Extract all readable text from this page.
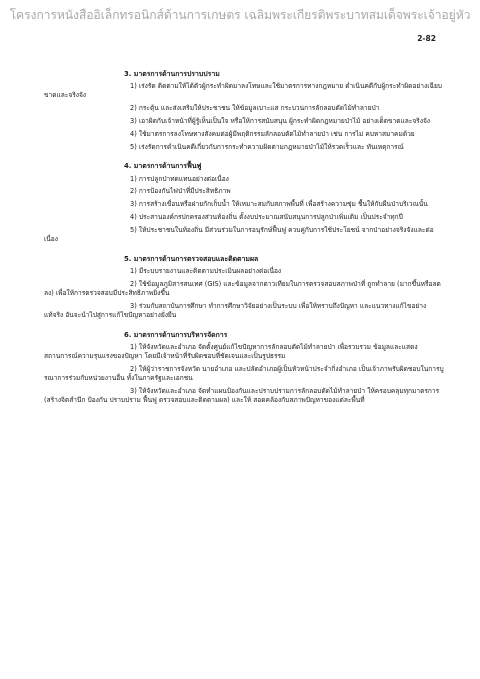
โครงการหนังสืออิเล็กทรอนิกส์ด้านการเกษตร เฉลิมพระเกียรติพระบาทสมเด็จพระเจ้าอยู่หัว
2-82
3. มาตรการด้านการปราบปราม
1) เร่งรัด ติดตามให้ได้ตัวผู้กระทำผิดมาลงโทษและใช้มาตรการทางกฎหมาย ดำเนินคดีกับผู้กระทำผิดอย่างเฉียบขาดและจริงจัง
2) กระตุ้น และส่งเสริมให้ประชาชน ให้ข้อมูลเบาะแส กระบวนการลักลอบตัดไม้ทำลายป่า
3) เอาผิดกับเจ้าหน้าที่ผู้รู้เห็นเป็นใจ หรือให้การสนับสนุน ผู้กระทำผิดกฎหมายป่าไม้ อย่างเด็ดขาดและจริงจัง
4) ใช้มาตรการลงโทษทางสังคมต่อผู้มีพฤติกรรมลักลอบตัดไม้ทำลายป่า เช่น การไม่ คบหาสมาคมด้วย
5) เร่งรัดการดำเนินคดีเกี่ยวกับการกระทำความผิดตามกฎหมายป่าไม้ให้รวดเร็วและ ทันเหตุการณ์
4. มาตรการด้านการฟื้นฟู
1) การปลูกป่าทดแทนอย่างต่อเนื่อง
2) การป้องกันไฟป่าที่มีประสิทธิภาพ
3) การสร้างเขื่อนหรือฝายกักเก็บน้ำ ให้เหมาะสมกับสภาพพื้นที่ เพื่อสร้างความชุ่ม ชื้นให้กับผืนป่าบริเวณนั้น
4) ประสานองค์กรปกครองส่วนท้องถิ่น ตั้งงบประมาณสนับสนุนการปลูกป่าเพิ่มเติม เป็นประจำทุกปี
5) ให้ประชาชนในท้องถิ่น มีส่วนร่วมในการอนุรักษ์ฟื้นฟู ควบคู่กับการใช้ประโยชน์ จากป่าอย่างจริงจังและต่อเนื่อง
5. มาตรการด้านการตรวจสอบและติดตามผล
1) มีระบบรายงานและติดตามประเมินผลอย่างต่อเนื่อง
2) ใช้ข้อมูลภูมิสารสนเทศ (GIS) และข้อมูลจากดาวเทียมในการตรวจสอบสภาพป่าที่ ถูกทำลาย (มากขึ้นหรือลดลง) เพื่อให้การตรวจสอบมีประสิทธิภาพยิ่งขึ้น
3) ร่วมกับสถาบันการศึกษา ทำการศึกษาวิจัยอย่างเป็นระบบ เพื่อให้ทราบถึงปัญหา และแนวทางแก้ไขอย่างแท้จริง อันจะนำไปสู่การแก้ไขปัญหาอย่างยั่งยืน
6. มาตรการด้านการบริหารจัดการ
1) ให้จังหวัดและอำเภอ จัดตั้งศูนย์แก้ไขปัญหาการลักลอบตัดไม้ทำลายป่า เพื่อรวบรวม ข้อมูลและแสดงสถานการณ์ความรุนแรงของปัญหา โดยมีเจ้าหน้าที่รับผิดชอบที่ชัดเจนและเป็นรูปธรรม
2) ให้ผู้ว่าราชการจังหวัด นายอำเภอ และปลัดอำเภอผู้เป็นหัวหน้าประจำกิ่งอำเภอ เป็นเจ้าภาพรับผิดชอบในการบูรณาการร่วมกับหน่วยงานอื่น ทั้งในภาครัฐและเอกชน
3) ให้จังหวัดและอำเภอ จัดทำแผนป้องกันและปราบปรามการลักลอบตัดไม้ทำลายป่า ให้ครอบคลุมทุกมาตรการ (สร้างจิตสำนึก ป้องกัน ปราบปราม ฟื้นฟู ตรวจสอบและติดตามผล) และให้ สอดคล้องกับสภาพปัญหาของแต่ละพื้นที่
